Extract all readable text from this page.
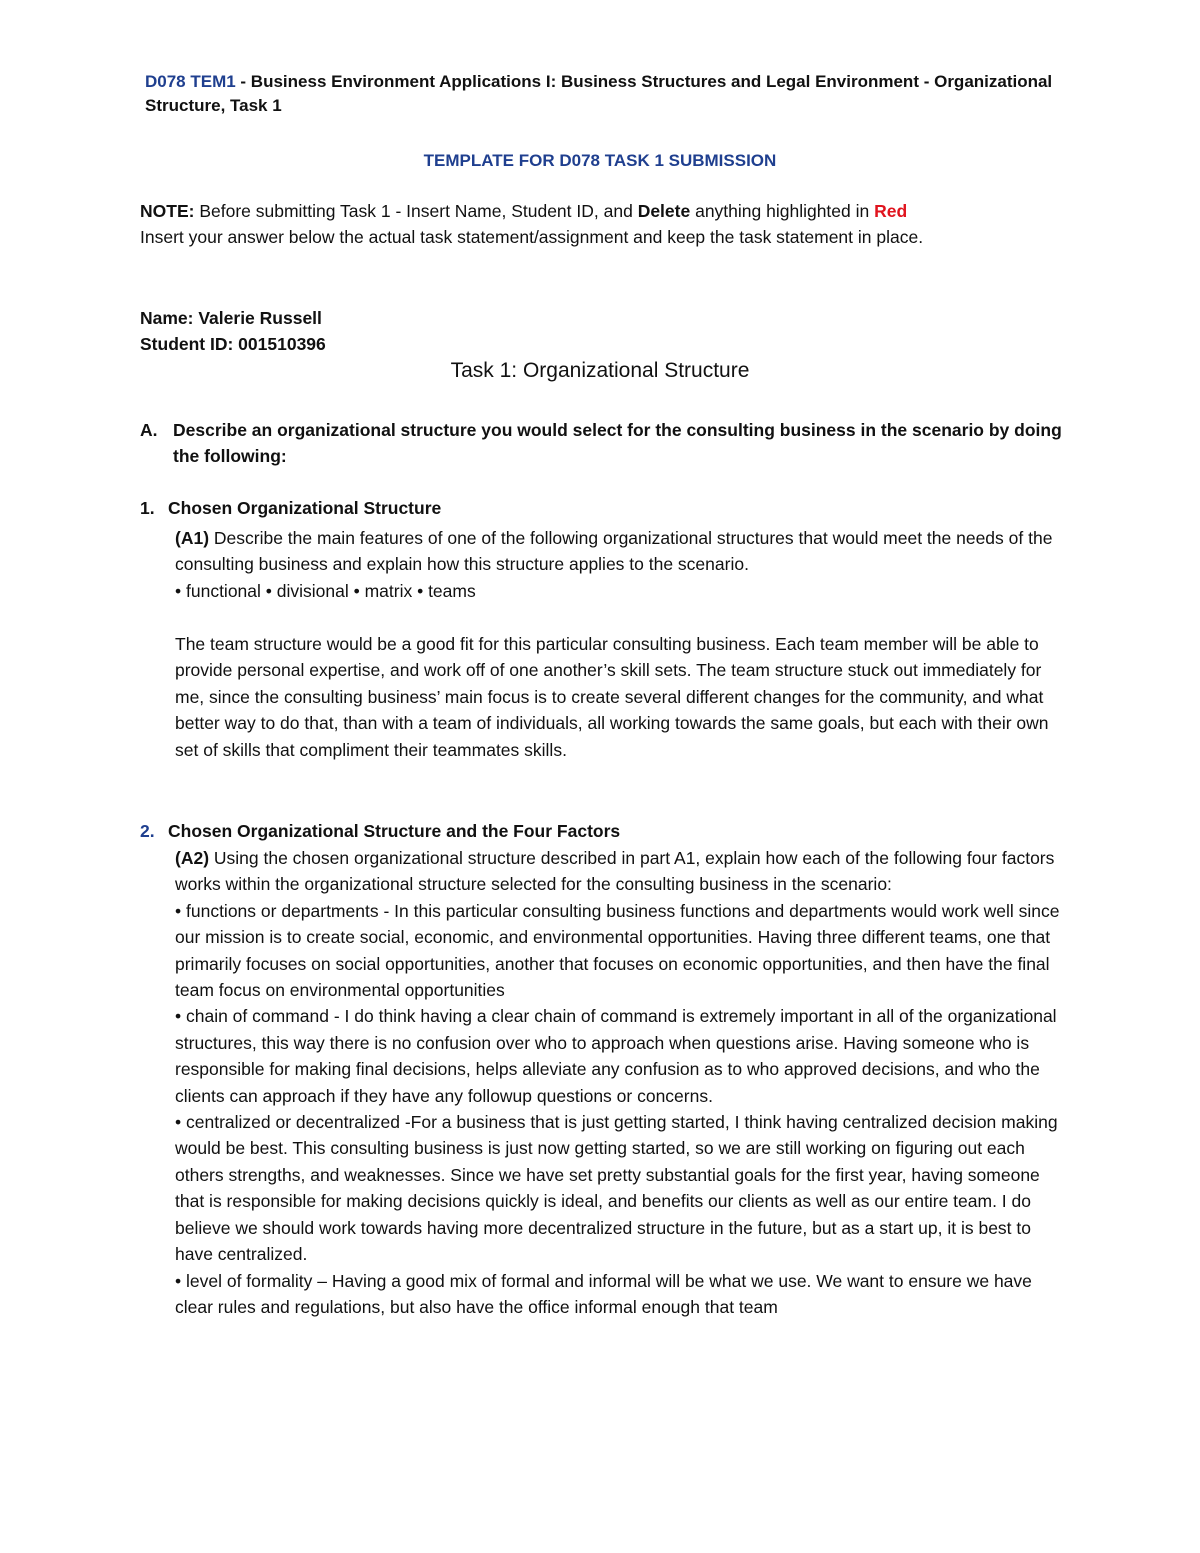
D078 TEM1 - Business Environment Applications I: Business Structures and Legal Environment - Organizational Structure, Task 1
TEMPLATE FOR D078 TASK 1 SUBMISSION

NOTE: Before submitting Task 1 - Insert Name, Student ID, and Delete anything highlighted in Red

Insert your answer below the actual task statement/assignment and keep the task statement in place.

Name: Valerie Russell
Student ID: 001510396
Task 1: Organizational Structure
A. Describe an organizational structure you would select for the consulting business in the scenario by doing the following:
1. Chosen Organizational Structure

(A1) Describe the main features of one of the following organizational structures that would meet the needs of the consulting business and explain how this structure applies to the scenario.

• functional • divisional • matrix • teams

The team structure would be a good fit for this particular consulting business. Each team member will be able to provide personal expertise, and work off of one another’s skill sets. The team structure stuck out immediately for me, since the consulting business’ main focus is to create several different changes for the community, and what better way to do that, than with a team of individuals, all working towards the same goals, but each with their own set of skills that compliment their teammates skills.
2. Chosen Organizational Structure and the Four Factors

(A2) Using the chosen organizational structure described in part A1, explain how each of the following four factors works within the organizational structure selected for the consulting business in the scenario:

• functions or departments - In this particular consulting business functions and departments would work well since our mission is to create social, economic, and environmental opportunities. Having three different teams, one that primarily focuses on social opportunities, another that focuses on economic opportunities, and then have the final team focus on environmental opportunities

• chain of command - I do think having a clear chain of command is extremely important in all of the organizational structures, this way there is no confusion over who to approach when questions arise. Having someone who is responsible for making final decisions, helps alleviate any confusion as to who approved decisions, and who the clients can approach if they have any followup questions or concerns.

• centralized or decentralized -For a business that is just getting started, I think having centralized decision making would be best. This consulting business is just now getting started, so we are still working on figuring out each others strengths, and weaknesses. Since we have set pretty substantial goals for the first year, having someone that is responsible for making decisions quickly is ideal, and benefits our clients as well as our entire team. I do believe we should work towards having more decentralized structure in the future, but as a start up, it is best to have centralized.

• level of formality – Having a good mix of formal and informal will be what we use. We want to ensure we have clear rules and regulations, but also have the office informal enough that team
